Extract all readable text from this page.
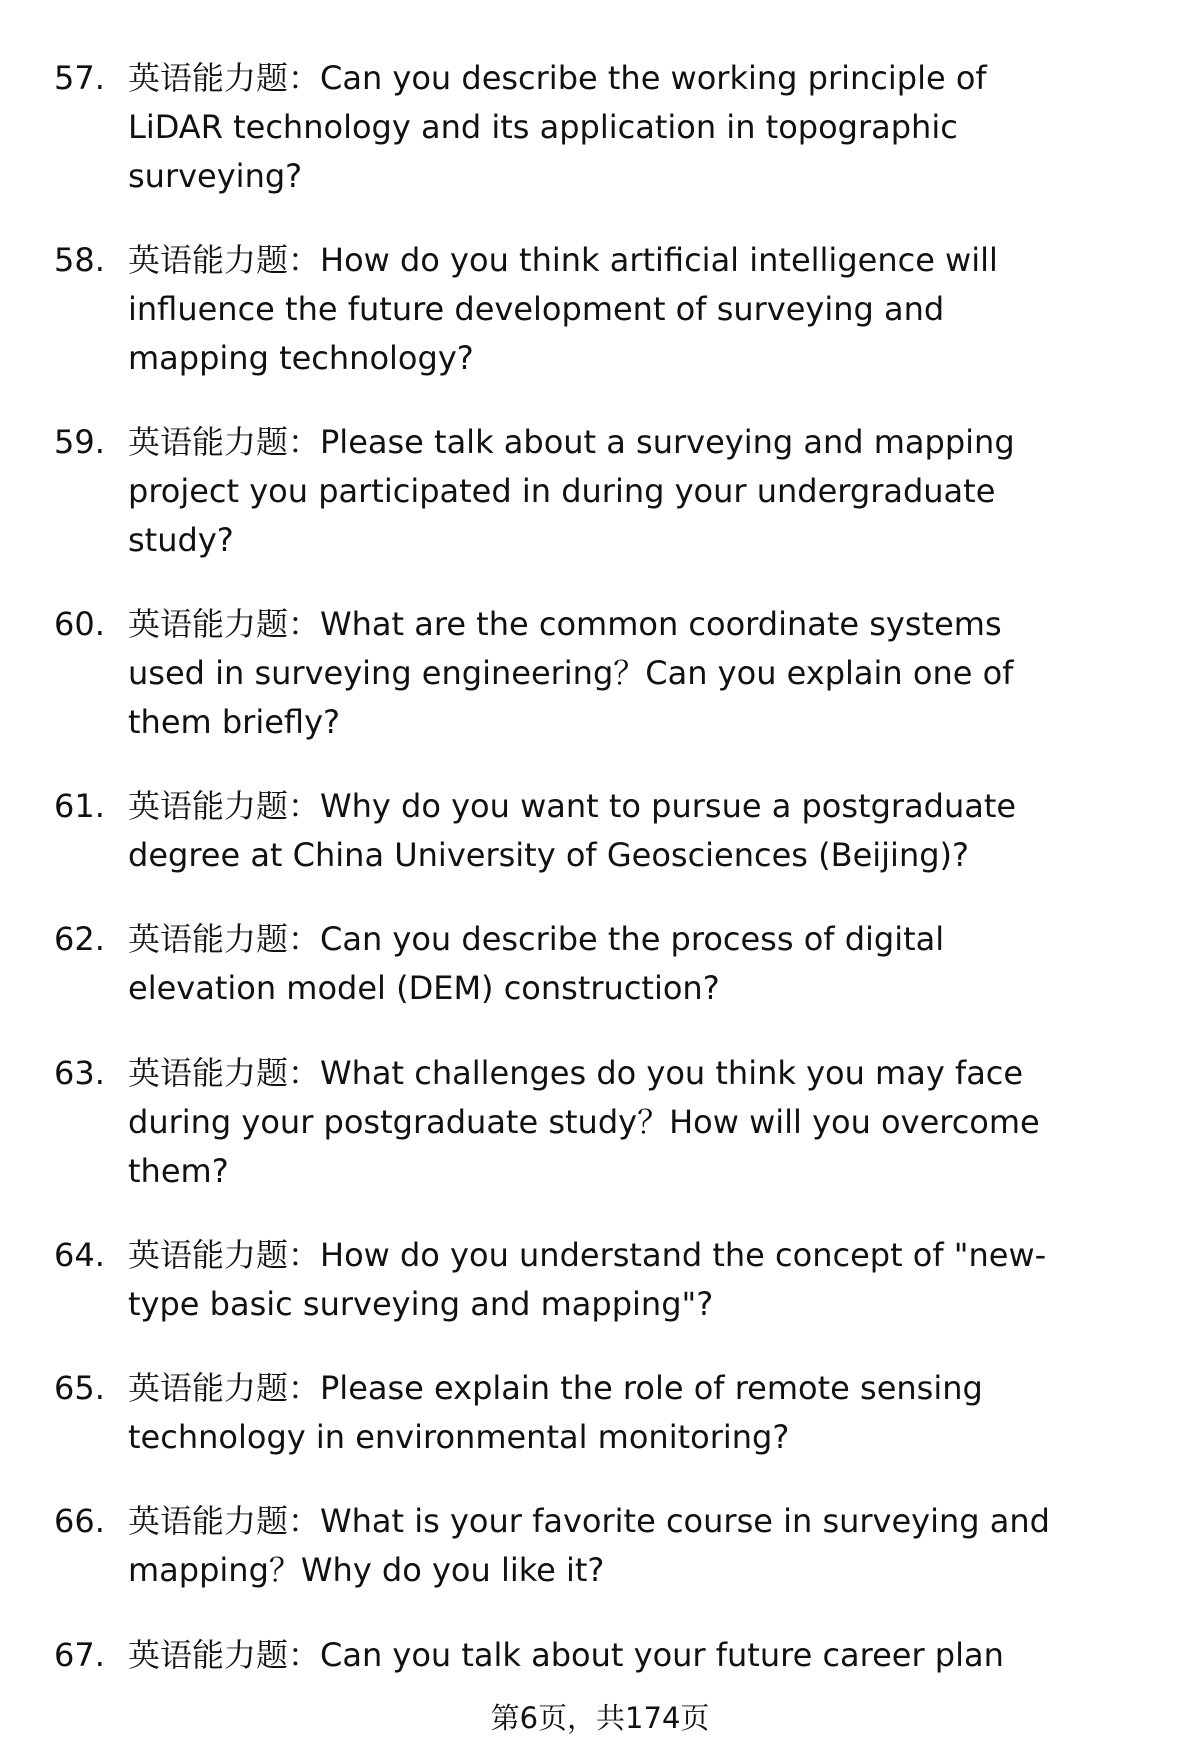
57. 英语能力题：Can you describe the working principle of
LiDAR technology and its application in topographic
surveying?
58. 英语能力题：How do you think artificial intelligence will
influence the future development of surveying and
mapping technology?
59. 英语能力题：Please talk about a surveying and mapping
project you participated in during your undergraduate
study?
60. 英语能力题：What are the common coordinate systems
used in surveying engineering？Can you explain one of
them briefly?
61. 英语能力题：Why do you want to pursue a postgraduate
degree at China University of Geosciences (Beijing)?
62. 英语能力题：Can you describe the process of digital
elevation model (DEM) construction?
63. 英语能力题：What challenges do you think you may face
during your postgraduate study？How will you overcome
them?
64. 英语能力题：How do you understand the concept of "new-
type basic surveying and mapping"?
65. 英语能力题：Please explain the role of remote sensing
technology in environmental monitoring?
66. 英语能力题：What is your favorite course in surveying and
mapping？Why do you like it?
67. 英语能力题：Can you talk about your future career plan
第6页，共174页
